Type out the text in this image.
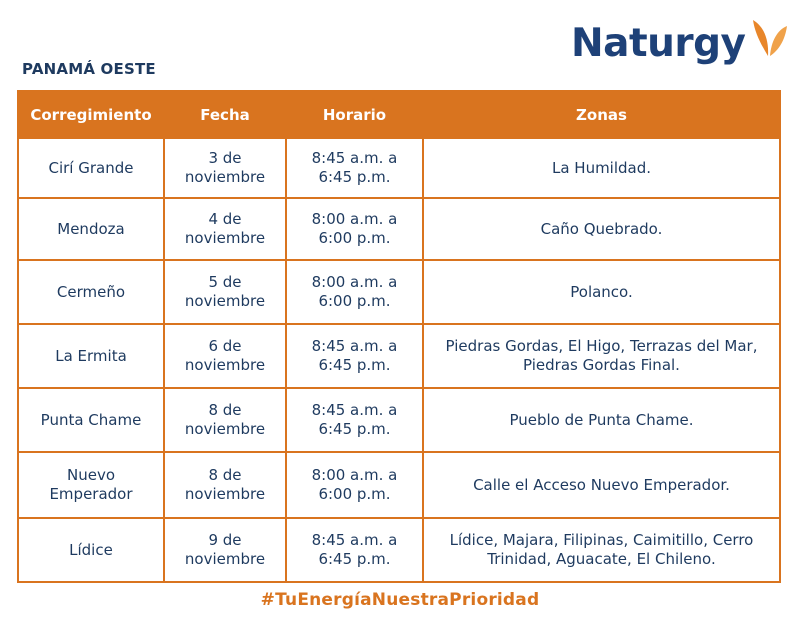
PANAMÁ OESTE
Naturgy
Corregimiento	Fecha	Horario	Zonas
Cirí Grande	3 de noviembre	8:45 a.m. a 6:45 p.m.	La Humildad.
Mendoza	4 de noviembre	8:00 a.m. a 6:00 p.m.	Caño Quebrado.
Cermeño	5 de noviembre	8:00 a.m. a 6:00 p.m.	Polanco.
La Ermita	6 de noviembre	8:45 a.m. a 6:45 p.m.	Piedras Gordas, El Higo, Terrazas del Mar, Piedras Gordas Final.
Punta Chame	8 de noviembre	8:45 a.m. a 6:45 p.m.	Pueblo de Punta Chame.
Nuevo Emperador	8 de noviembre	8:00 a.m. a 6:00 p.m.	Calle el Acceso Nuevo Emperador.
Lídice	9 de noviembre	8:45 a.m. a 6:45 p.m.	Lídice, Majara, Filipinas, Caimitillo, Cerro Trinidad, Aguacate, El Chileno.
#TuEnergíaNuestraPrioridad
